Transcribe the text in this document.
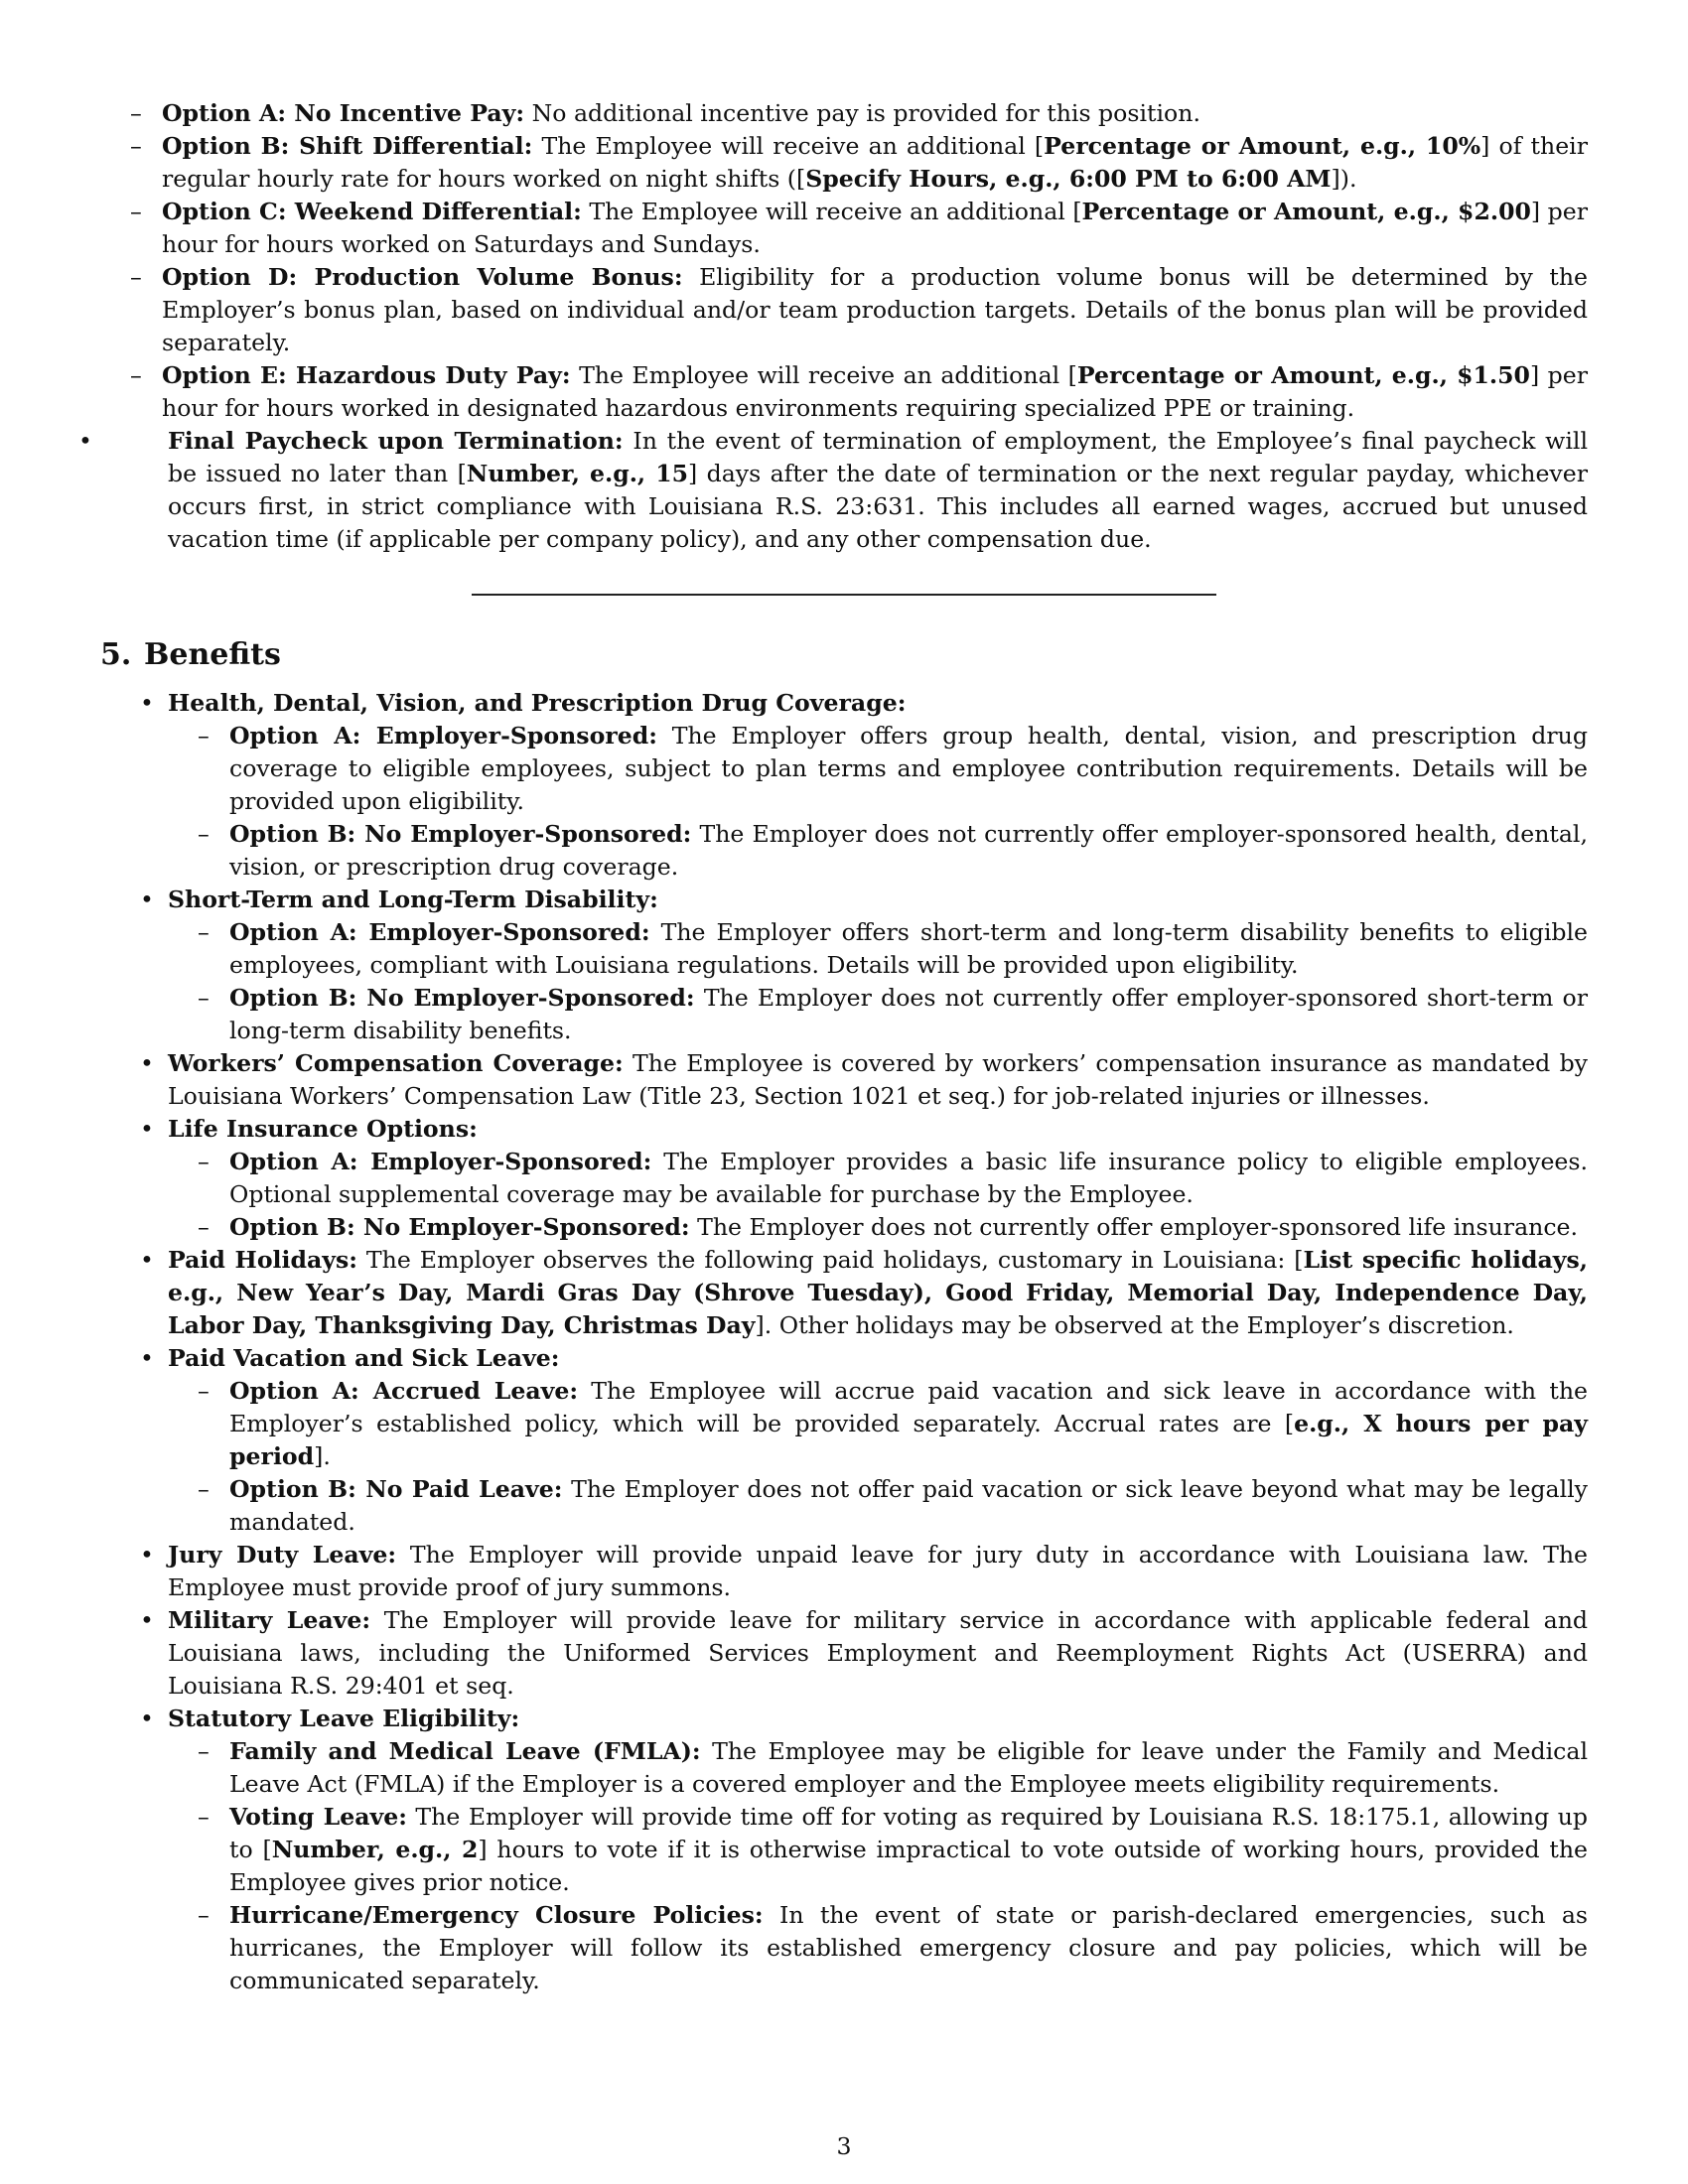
– Option A: No Incentive Pay: No additional incentive pay is provided for this position.
– Option B: Shift Differential: The Employee will receive an additional [Percentage or Amount, e.g., 10%] of their regular hourly rate for hours worked on night shifts ([Specify Hours, e.g., 6:00 PM to 6:00 AM]).
– Option C: Weekend Differential: The Employee will receive an additional [Percentage or Amount, e.g., $2.00] per hour for hours worked on Saturdays and Sundays.
– Option D: Production Volume Bonus: Eligibility for a production volume bonus will be determined by the Employer’s bonus plan, based on individual and/or team production targets. Details of the bonus plan will be provided separately.
– Option E: Hazardous Duty Pay: The Employee will receive an additional [Percentage or Amount, e.g., $1.50] per hour for hours worked in designated hazardous environments requiring specialized PPE or training.
• Final Paycheck upon Termination: In the event of termination of employment, the Employee’s final paycheck will be issued no later than [Number, e.g., 15] days after the date of termination or the next regular payday, whichever occurs first, in strict compliance with Louisiana R.S. 23:631. This includes all earned wages, accrued but unused vacation time (if applicable per company policy), and any other compensation due.
5. Benefits
• Health, Dental, Vision, and Prescription Drug Coverage:
– Option A: Employer-Sponsored: The Employer offers group health, dental, vision, and prescription drug coverage to eligible employees, subject to plan terms and employee contribution requirements. Details will be provided upon eligibility.
– Option B: No Employer-Sponsored: The Employer does not currently offer employer-sponsored health, dental, vision, or prescription drug coverage.
• Short-Term and Long-Term Disability:
– Option A: Employer-Sponsored: The Employer offers short-term and long-term disability benefits to eligible employees, compliant with Louisiana regulations. Details will be provided upon eligibility.
– Option B: No Employer-Sponsored: The Employer does not currently offer employer-sponsored short-term or long-term disability benefits.
• Workers’ Compensation Coverage: The Employee is covered by workers’ compensation insurance as mandated by Louisiana Workers’ Compensation Law (Title 23, Section 1021 et seq.) for job-related injuries or illnesses.
• Life Insurance Options:
– Option A: Employer-Sponsored: The Employer provides a basic life insurance policy to eligible employees. Optional supplemental coverage may be available for purchase by the Employee.
– Option B: No Employer-Sponsored: The Employer does not currently offer employer-sponsored life insurance.
• Paid Holidays: The Employer observes the following paid holidays, customary in Louisiana: [List specific holidays, e.g., New Year’s Day, Mardi Gras Day (Shrove Tuesday), Good Friday, Memorial Day, Independence Day, Labor Day, Thanksgiving Day, Christmas Day]. Other holidays may be observed at the Employer’s discretion.
• Paid Vacation and Sick Leave:
– Option A: Accrued Leave: The Employee will accrue paid vacation and sick leave in accordance with the Employer’s established policy, which will be provided separately. Accrual rates are [e.g., X hours per pay period].
– Option B: No Paid Leave: The Employer does not offer paid vacation or sick leave beyond what may be legally mandated.
• Jury Duty Leave: The Employer will provide unpaid leave for jury duty in accordance with Louisiana law. The Employee must provide proof of jury summons.
• Military Leave: The Employer will provide leave for military service in accordance with applicable federal and Louisiana laws, including the Uniformed Services Employment and Reemployment Rights Act (USERRA) and Louisiana R.S. 29:401 et seq.
• Statutory Leave Eligibility:
– Family and Medical Leave (FMLA): The Employee may be eligible for leave under the Family and Medical Leave Act (FMLA) if the Employer is a covered employer and the Employee meets eligibility requirements.
– Voting Leave: The Employer will provide time off for voting as required by Louisiana R.S. 18:175.1, allowing up to [Number, e.g., 2] hours to vote if it is otherwise impractical to vote outside of working hours, provided the Employee gives prior notice.
– Hurricane/Emergency Closure Policies: In the event of state or parish-declared emergencies, such as hurricanes, the Employer will follow its established emergency closure and pay policies, which will be communicated separately.
3
